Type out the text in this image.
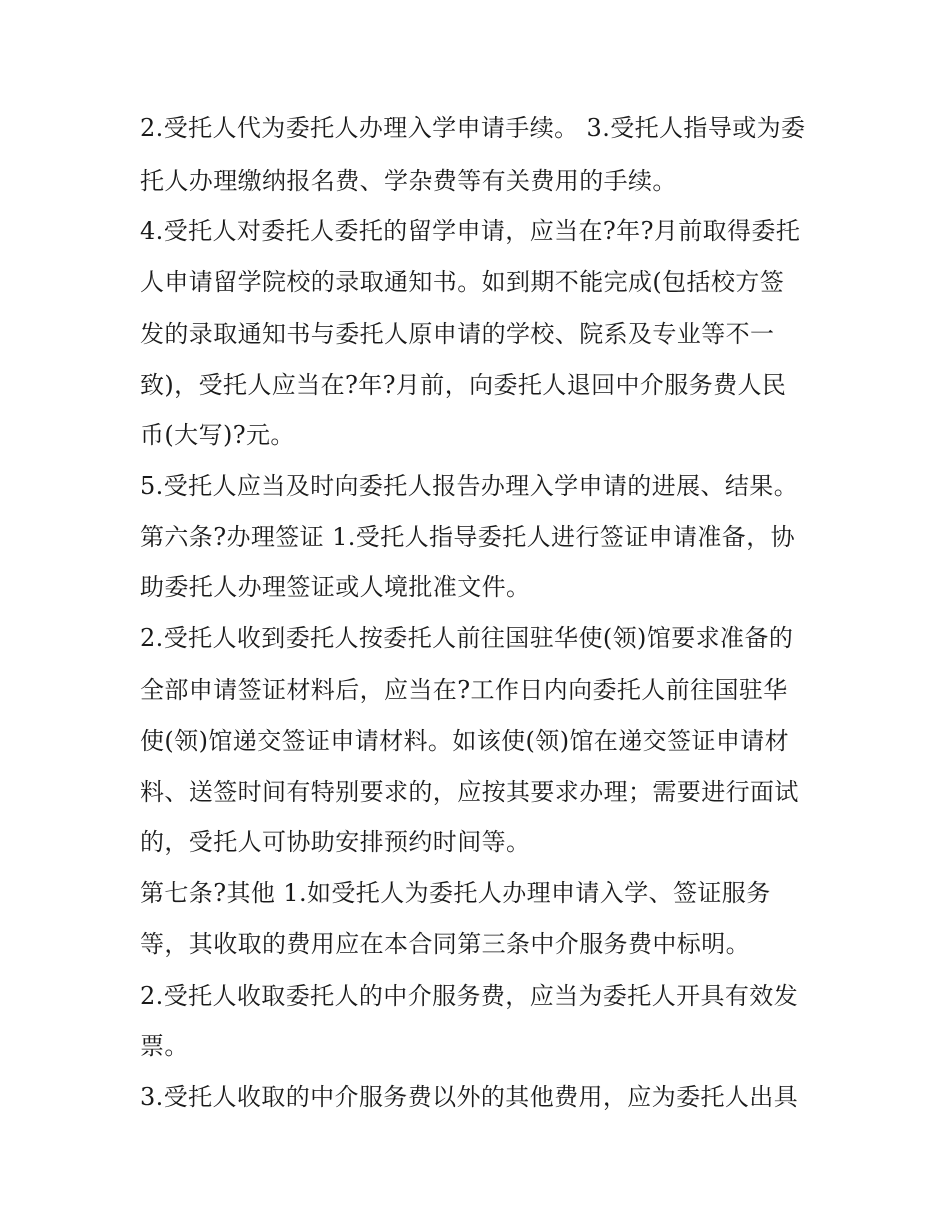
2.受托人代为委托人办理入学申请手续。 3.受托人指导或为委
托人办理缴纳报名费、学杂费等有关费用的手续。
4.受托人对委托人委托的留学申请，应当在?年?月前取得委托
人申请留学院校的录取通知书。如到期不能完成(包括校方签
发的录取通知书与委托人原申请的学校、院系及专业等不一
致)，受托人应当在?年?月前，向委托人退回中介服务费人民
币(大写)?元。
5.受托人应当及时向委托人报告办理入学申请的进展、结果。
第六条?办理签证 1.受托人指导委托人进行签证申请准备，协
助委托人办理签证或人境批准文件。
2.受托人收到委托人按委托人前往国驻华使(领)馆要求准备的
全部申请签证材料后，应当在?工作日内向委托人前往国驻华
使(领)馆递交签证申请材料。如该使(领)馆在递交签证申请材
料、送签时间有特别要求的，应按其要求办理；需要进行面试
的，受托人可协助安排预约时间等。
第七条?其他 1.如受托人为委托人办理申请入学、签证服务
等，其收取的费用应在本合同第三条中介服务费中标明。
2.受托人收取委托人的中介服务费，应当为委托人开具有效发
票。
3.受托人收取的中介服务费以外的其他费用，应为委托人出具
